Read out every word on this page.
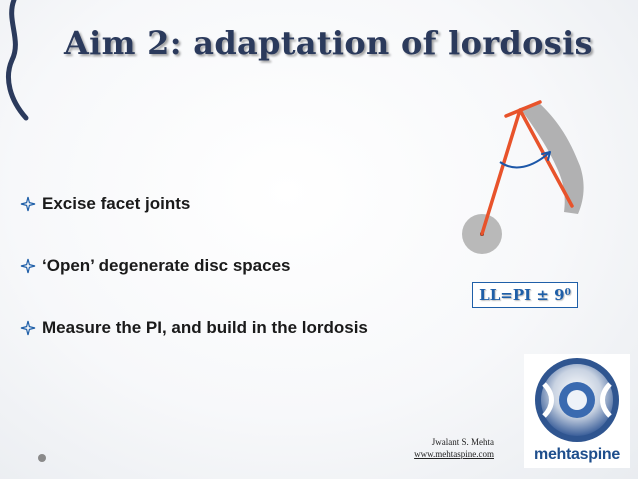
Aim 2: adaptation of lordosis
Excise facet joints
‘Open’ degenerate disc spaces
Measure the PI, and build in the lordosis
$LL=PI \pm 9^0$
Jwalant S. Mehta
www.mehtaspine.com	mehtaspine
